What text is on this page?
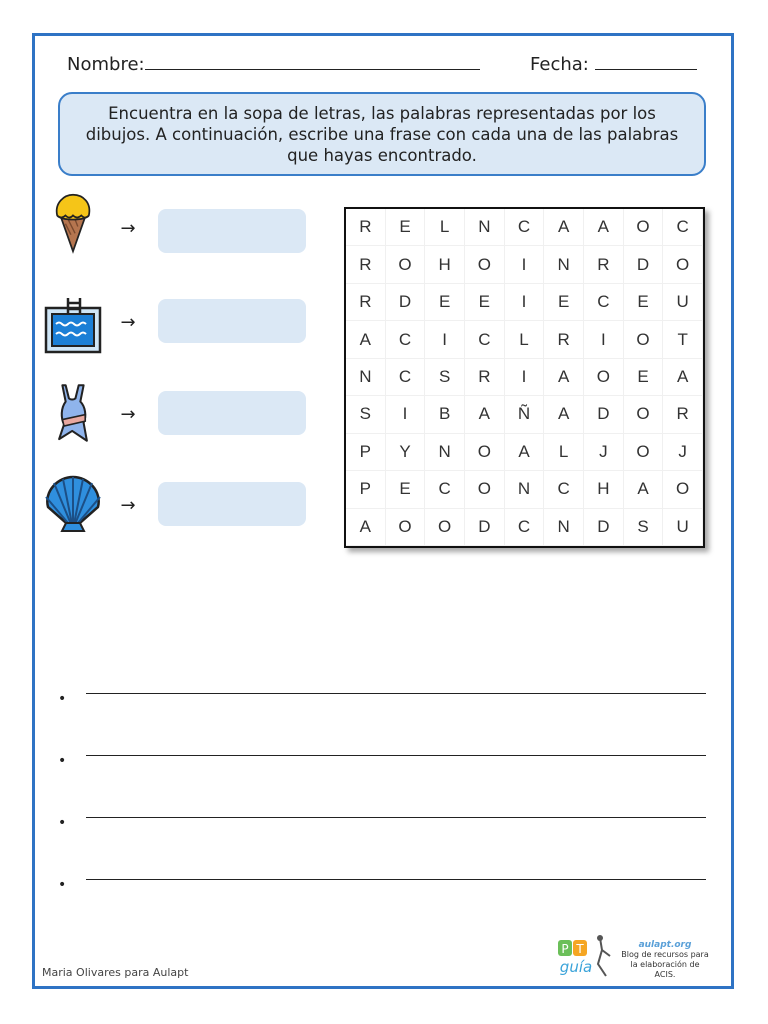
Nombre:	Fecha:
Encuentra en la sopa de letras, las palabras representadas por los dibujos. A continuación, escribe una frase con cada una de las palabras que hayas encontrado.
→
→
→
→
R	E	L	N	C	A	A	O	C
R	O	H	O	I	N	R	D	O
R	D	E	E	I	E	C	E	U
A	C	I	C	L	R	I	O	T
N	C	S	R	I	A	O	E	A
S	I	B	A	Ñ	A	D	O	R
P	Y	N	O	A	L	J	O	J
P	E	C	O	N	C	H	A	O
A	O	O	D	C	N	D	S	U
•
•
•
•
Maria Olivares para Aulapt
P T
guía
aulapt.org
Blog de recursos para la elaboración de ACIS.
